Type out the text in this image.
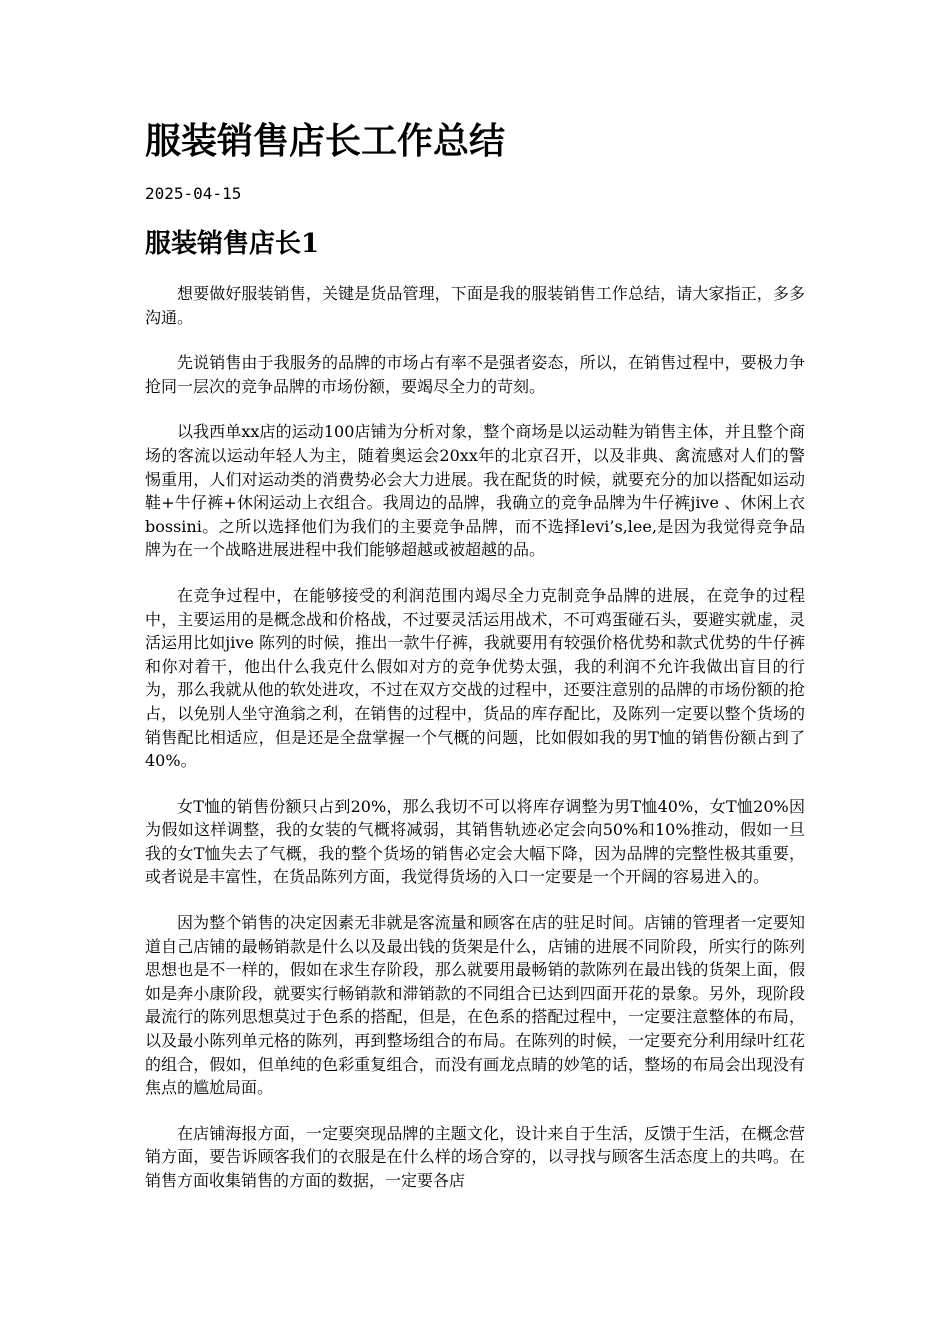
服装销售店长工作总结
2025-04-15
服装销售店长1

想要做好服装销售，关键是货品管理，下面是我的服装销售工作总结，请大家指正，多多沟通。

先说销售由于我服务的品牌的市场占有率不是强者姿态，所以，在销售过程中，要极力争抢同一层次的竞争品牌的市场份额，要竭尽全力的苛刻。

以我西单xx店的运动100店铺为分析对象，整个商场是以运动鞋为销售主体，并且整个商场的客流以运动年轻人为主，随着奥运会20xx年的北京召开，以及非典、禽流感对人们的警惕重用，人们对运动类的消费势必会大力进展。我在配货的时候，就要充分的加以搭配如运动鞋+牛仔裤+休闲运动上衣组合。我周边的品牌，我确立的竞争品牌为牛仔裤jive 、休闲上衣bossini。之所以选择他们为我们的主要竞争品牌，而不选择levi’s,lee,是因为我觉得竞争品牌为在一个战略进展进程中我们能够超越或被超越的品。

在竞争过程中，在能够接受的利润范围内竭尽全力克制竞争品牌的进展，在竞争的过程中，主要运用的是概念战和价格战，不过要灵活运用战术，不可鸡蛋碰石头，要避实就虚，灵活运用比如jive 陈列的时候，推出一款牛仔裤，我就要用有较强价格优势和款式优势的牛仔裤和你对着干，他出什么我克什么假如对方的竞争优势太强，我的利润不允许我做出盲目的行为，那么我就从他的软处进攻，不过在双方交战的过程中，还要注意别的品牌的市场份额的抢占，以免别人坐守渔翁之利，在销售的过程中，货品的库存配比，及陈列一定要以整个货场的销售配比相适应，但是还是全盘掌握一个气概的问题，比如假如我的男T恤的销售份额占到了40%。

女T恤的销售份额只占到20%，那么我切不可以将库存调整为男T恤40%，女T恤20%因为假如这样调整，我的女装的气概将减弱，其销售轨迹必定会向50%和10%推动，假如一旦我的女T恤失去了气概，我的整个货场的销售必定会大幅下降，因为品牌的完整性极其重要，或者说是丰富性，在货品陈列方面，我觉得货场的入口一定要是一个开阔的容易进入的。

因为整个销售的决定因素无非就是客流量和顾客在店的驻足时间。店铺的管理者一定要知道自己店铺的最畅销款是什么以及最出钱的货架是什么，店铺的进展不同阶段，所实行的陈列思想也是不一样的，假如在求生存阶段，那么就要用最畅销的款陈列在最出钱的货架上面，假如是奔小康阶段，就要实行畅销款和滞销款的不同组合已达到四面开花的景象。另外，现阶段最流行的陈列思想莫过于色系的搭配，但是，在色系的搭配过程中，一定要注意整体的布局，以及最小陈列单元格的陈列，再到整场组合的布局。在陈列的时候，一定要充分利用绿叶红花的组合，假如，但单纯的色彩重复组合，而没有画龙点睛的妙笔的话，整场的布局会出现没有焦点的尴尬局面。

在店铺海报方面，一定要突现品牌的主题文化，设计来自于生活，反馈于生活，在概念营销方面，要告诉顾客我们的衣服是在什么样的场合穿的，以寻找与顾客生活态度上的共鸣。在销售方面收集销售的方面的数据，一定要各店
